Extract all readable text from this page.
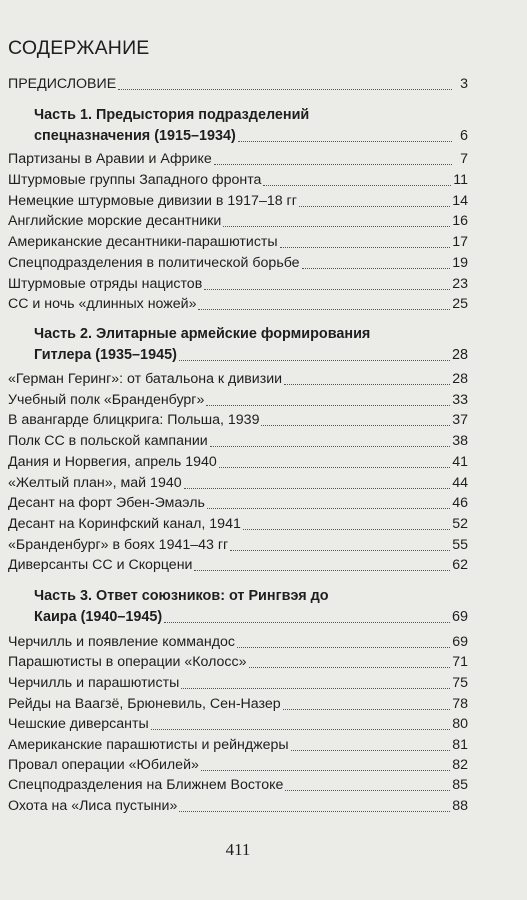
СОДЕРЖАНИЕ
ПРЕДИСЛОВИЕ	3
Часть 1. Предыстория подразделений
спецназначения (1915–1934)	6
Партизаны в Аравии и Африке	7
Штурмовые группы Западного фронта	11
Немецкие штурмовые дивизии в 1917–18 гг	14
Английские морские десантники	16
Американские десантники-парашютисты	17
Спецподразделения в политической борьбе	19
Штурмовые отряды нацистов	23
СС и ночь «длинных ножей»	25
Часть 2. Элитарные армейские формирования
Гитлера (1935–1945)	28
«Герман Геринг»: от батальона к дивизии	28
Учебный полк «Бранденбург»	33
В авангарде блицкрига: Польша, 1939	37
Полк СС в польской кампании	38
Дания и Норвегия, апрель 1940	41
«Желтый план», май 1940	44
Десант на форт Эбен-Эмаэль	46
Десант на Коринфский канал, 1941	52
«Бранденбург» в боях 1941–43 гг	55
Диверсанты СС и Скорцени	62
Часть 3. Ответ союзников: от Рингвэя до
Каира (1940–1945)	69
Черчилль и появление коммандос	69
Парашютисты в операции «Колосс»	71
Черчилль и парашютисты	75
Рейды на Ваагзё, Брюневиль, Сен-Назер	78
Чешские диверсанты	80
Американские парашютисты и рейнджеры	81
Провал операции «Юбилей»	82
Спецподразделения на Ближнем Востоке	85
Охота на «Лиса пустыни»	88
411
